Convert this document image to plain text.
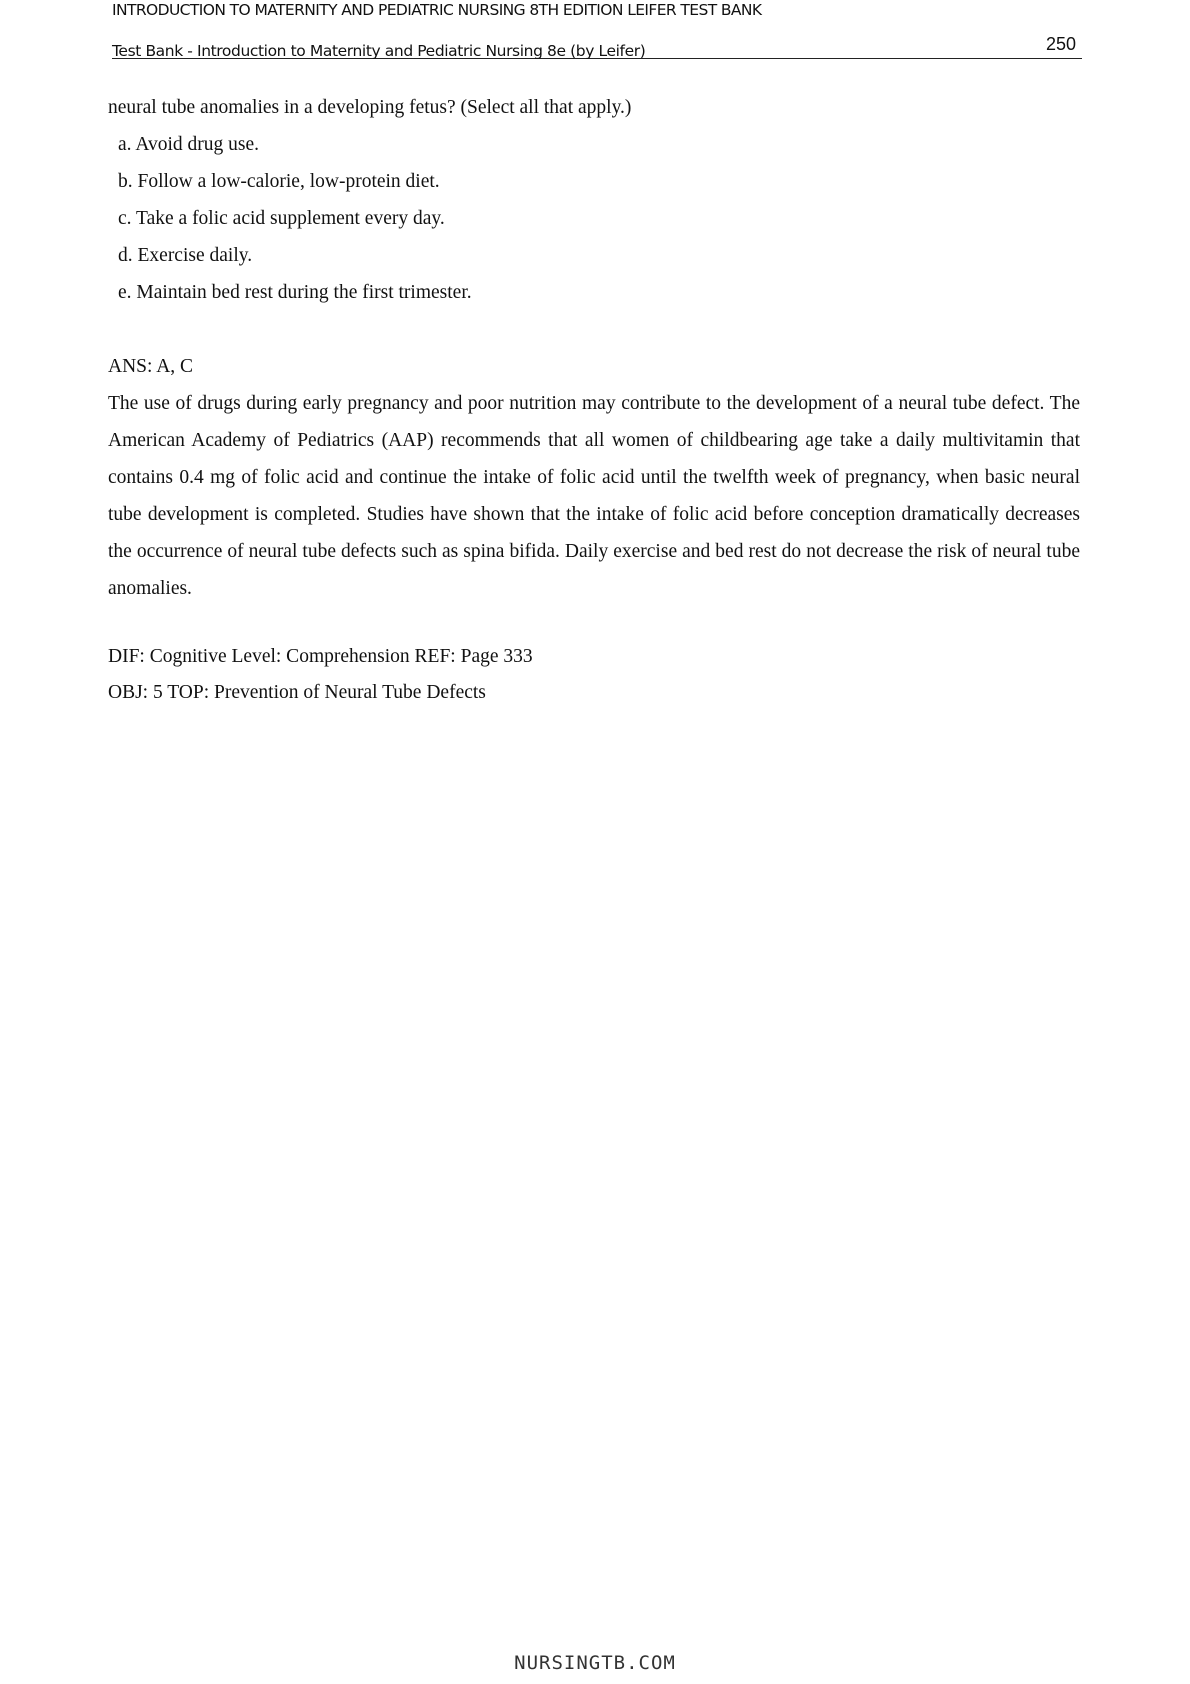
INTRODUCTION TO MATERNITY AND PEDIATRIC NURSING 8TH EDITION LEIFER TEST BANK
Test Bank - Introduction to Maternity and Pediatric Nursing 8e (by Leifer)	250

neural tube anomalies in a developing fetus? (Select all that apply.)

a. Avoid drug use.
b. Follow a low-calorie, low-protein diet.
c. Take a folic acid supplement every day.
d. Exercise daily.
e. Maintain bed rest during the first trimester.

ANS: A, C

The use of drugs during early pregnancy and poor nutrition may contribute to the development of a neural tube defect. The American Academy of Pediatrics (AAP) recommends that all women of childbearing age take a daily multivitamin that contains 0.4 mg of folic acid and continue the intake of folic acid until the twelfth week of pregnancy, when basic neural tube development is completed. Studies have shown that the intake of folic acid before conception dramatically decreases the occurrence of neural tube defects such as spina bifida. Daily exercise and bed rest do not decrease the risk of neural tube anomalies.

DIF: Cognitive Level: Comprehension REF: Page 333

OBJ: 5 TOP: Prevention of Neural Tube Defects

NURSINGTB.COM
